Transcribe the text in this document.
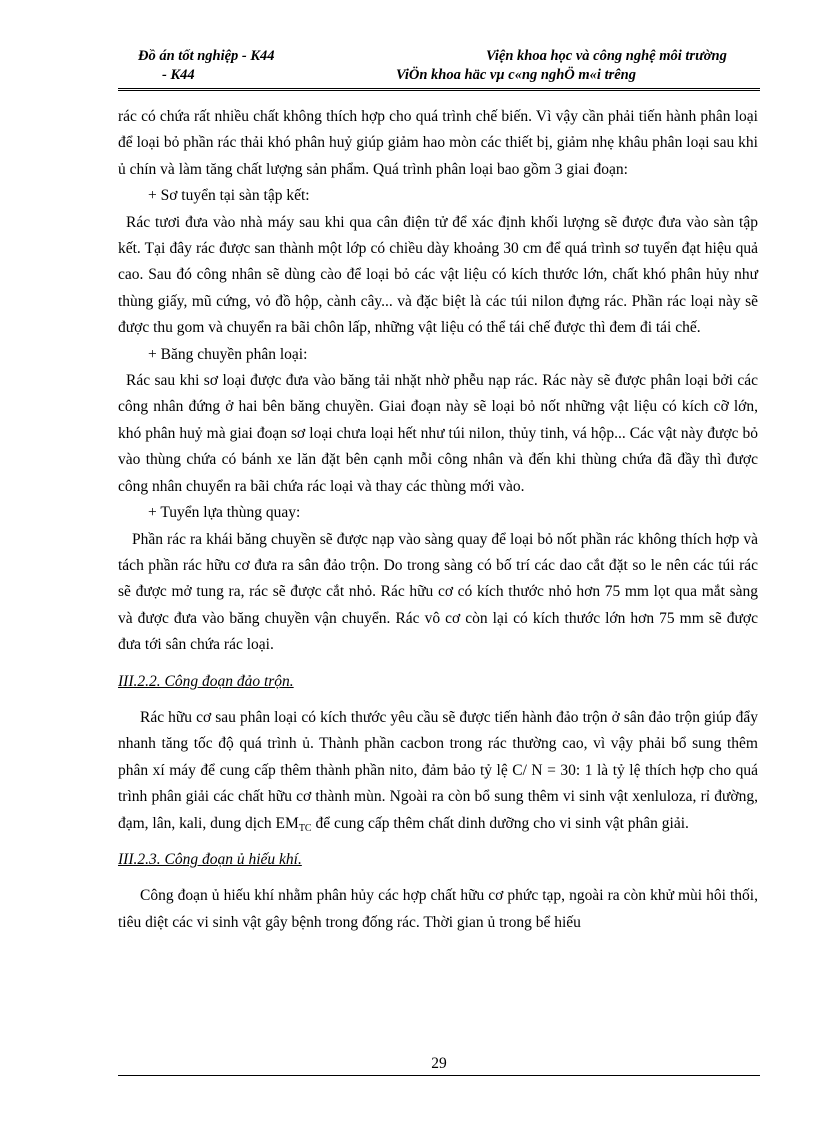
Đồ án tốt nghiệp - K44	Viện khoa học và công nghệ môi trường
- K44	ViÖn khoa häc vµ c«ng nghÖ m«i trêng

rác có chứa rất nhiều chất không thích hợp cho quá trình chế biến. Vì vậy cần phải tiến hành phân loại để loại bỏ phần rác thải khó phân huỷ giúp giảm hao mòn các thiết bị, giảm nhẹ khâu phân loại sau khi ủ chín và làm tăng chất lượng sản phẩm. Quá trình phân loại bao gồm 3 giai đoạn:

+ Sơ tuyển tại sàn tập kết:

Rác tươi đưa vào nhà máy sau khi qua cân điện tử để xác định khối lượng sẽ được đưa vào sàn tập kết. Tại đây rác được san thành một lớp có chiều dày khoảng 30 cm để quá trình sơ tuyển đạt hiệu quả cao. Sau đó công nhân sẽ dùng cào để loại bỏ các vật liệu có kích thước lớn, chất khó phân hủy như thùng giấy, mũ cứng, vỏ đồ hộp, cành cây... và đặc biệt là các túi nilon đựng rác. Phần rác loại này sẽ được thu gom và chuyển ra bãi chôn lấp, những vật liệu có thể tái chế được thì đem đi tái chế.

+ Băng chuyền phân loại:

Rác sau khi sơ loại được đưa vào băng tải nhặt nhờ phễu nạp rác. Rác này sẽ được phân loại bởi các công nhân đứng ở hai bên băng chuyền. Giai đoạn này sẽ loại bỏ nốt những vật liệu có kích cỡ lớn, khó phân huỷ mà giai đoạn sơ loại chưa loại hết như túi nilon, thủy tinh, vá hộp... Các vật này được bỏ vào thùng chứa có bánh xe lăn đặt bên cạnh mỗi công nhân và đến khi thùng chứa đã đầy thì được công nhân chuyển ra bãi chứa rác loại và thay các thùng mới vào.

+ Tuyển lựa thùng quay:

Phần rác ra khái băng chuyền sẽ được nạp vào sàng quay để loại bỏ nốt phần rác không thích hợp và tách phần rác hữu cơ đưa ra sân đảo trộn. Do trong sàng có bố trí các dao cắt đặt so le nên các túi rác sẽ được mở tung ra, rác sẽ được cắt nhỏ. Rác hữu cơ có kích thước nhỏ hơn 75 mm lọt qua mắt sàng và được đưa vào băng chuyền vận chuyển. Rác vô cơ còn lại có kích thước lớn hơn 75 mm sẽ được đưa tới sân chứa rác loại.

III.2.2. Công đoạn đảo trộn.

Rác hữu cơ sau phân loại có kích thước yêu cầu sẽ được tiến hành đảo trộn ở sân đảo trộn giúp đẩy nhanh tăng tốc độ quá trình ủ. Thành phần cacbon trong rác thường cao, vì vậy phải bổ sung thêm phân xí máy để cung cấp thêm thành phần nito, đảm bảo tỷ lệ C/ N = 30: 1 là tỷ lệ thích hợp cho quá trình phân giải các chất hữu cơ thành mùn. Ngoài ra còn bổ sung thêm vi sinh vật xenluloza, rỉ đường, đạm, lân, kali, dung dịch $EM_{TC}$ để cung cấp thêm chất dinh dưỡng cho vi sinh vật phân giải.

III.2.3. Công đoạn ủ hiếu khí.

Công đoạn ủ hiếu khí nhằm phân hủy các hợp chất hữu cơ phức tạp, ngoài ra còn khử mùi hôi thối, tiêu diệt các vi sinh vật gây bệnh trong đống rác. Thời gian ủ trong bể hiếu

29
